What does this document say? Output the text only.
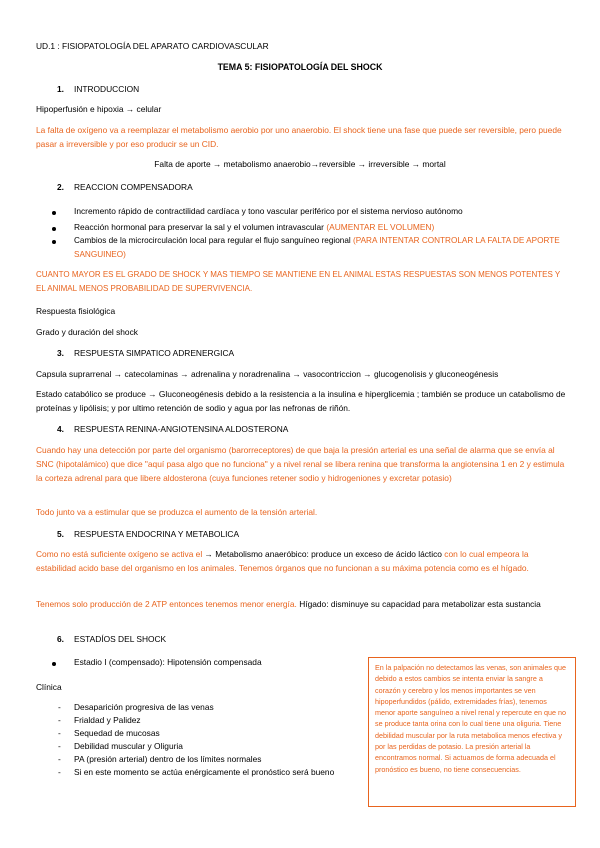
UD.1 : FISIOPATOLOGÍA DEL APARATO CARDIOVASCULAR
TEMA 5: FISIOPATOLOGÍA DEL SHOCK
1. INTRODUCCION
Hipoperfusión e hipoxia → celular
La falta de oxígeno va a reemplazar el metabolismo aerobio por uno anaerobio. El shock tiene una fase que puede ser reversible, pero puede pasar a irreversible y por eso producir se un CID.
Falta de aporte → metabolismo anaerobio→reversible → irreversible → mortal
2. REACCION COMPENSADORA
Incremento rápido de contractilidad cardíaca y tono vascular periférico por el sistema nervioso autónomo
Reacción hormonal para preservar la sal y el volumen intravascular (AUMENTAR EL VOLUMEN)
Cambios de la microcirculación local para regular el flujo sanguíneo regional (PARA INTENTAR CONTROLAR LA FALTA DE APORTE SANGUINEO)
CUANTO MAYOR ES EL GRADO DE SHOCK Y MAS TIEMPO SE MANTIENE EN EL ANIMAL ESTAS RESPUESTAS SON MENOS POTENTES Y EL ANIMAL MENOS PROBABILIDAD DE SUPERVIVENCIA.
Respuesta fisiológica
Grado y duración del shock
3. RESPUESTA SIMPATICO ADRENERGICA
Capsula suprarrenal → catecolaminas → adrenalina y noradrenalina → vasocontriccion → glucogenolisis y gluconeogénesis
Estado catabólico se produce → Gluconeogénesis debido a la resistencia a la insulina e hiperglicemia ; también se produce un catabolismo de proteínas y lipólisis; y por ultimo retención de sodio y agua por las nefronas de riñón.
4. RESPUESTA RENINA-ANGIOTENSINA ALDOSTERONA
Cuando hay una detección por parte del organismo (barorreceptores) de que baja la presión arterial es una señal de alarma que se envía al SNC (hipotalámico) que dice "aquí pasa algo que no funciona" y a nivel renal se libera renina que transforma la angiotensina 1 en 2 y estimula la corteza adrenal para que libere aldosterona (cuya funciones retener sodio y hidrogeniones y excretar potasio)
Todo junto va a estimular que se produzca el aumento de la tensión arterial.
5. RESPUESTA ENDOCRINA Y METABOLICA
Como no está suficiente oxígeno se activa el → Metabolismo anaeróbico: produce un exceso de ácido láctico con lo cual empeora la estabilidad acido base del organismo en los animales. Tenemos órganos que no funcionan a su máxima potencia como es el hígado.
Tenemos solo producción de 2 ATP entonces tenemos menor energía. Hígado: disminuye su capacidad para metabolizar esta sustancia
6. ESTADÍOS DEL SHOCK
Estadio I (compensado): Hipotensión compensada
Clínica
- Desaparición progresiva de las venas
- Frialdad y Palidez
- Sequedad de mucosas
- Debilidad muscular y Oliguria
- PA (presión arterial) dentro de los límites normales
- Si en este momento se actúa enérgicamente el pronóstico será bueno
En la palpación no detectamos las venas, son animales que debido a estos cambios se intenta enviar la sangre a corazón y cerebro y los menos importantes se ven hipoperfundidos (pálido, extremidades frías), tenemos menor aporte sanguíneo a nivel renal y repercute en que no se produce tanta orina con lo cual tiene una oliguria. Tiene debilidad muscular por la ruta metabolica menos efectiva y por las perdidas de potasio. La presión arterial la encontramos normal. Si actuamos de forma adecuada el pronóstico es bueno, no tiene consecuencias.
